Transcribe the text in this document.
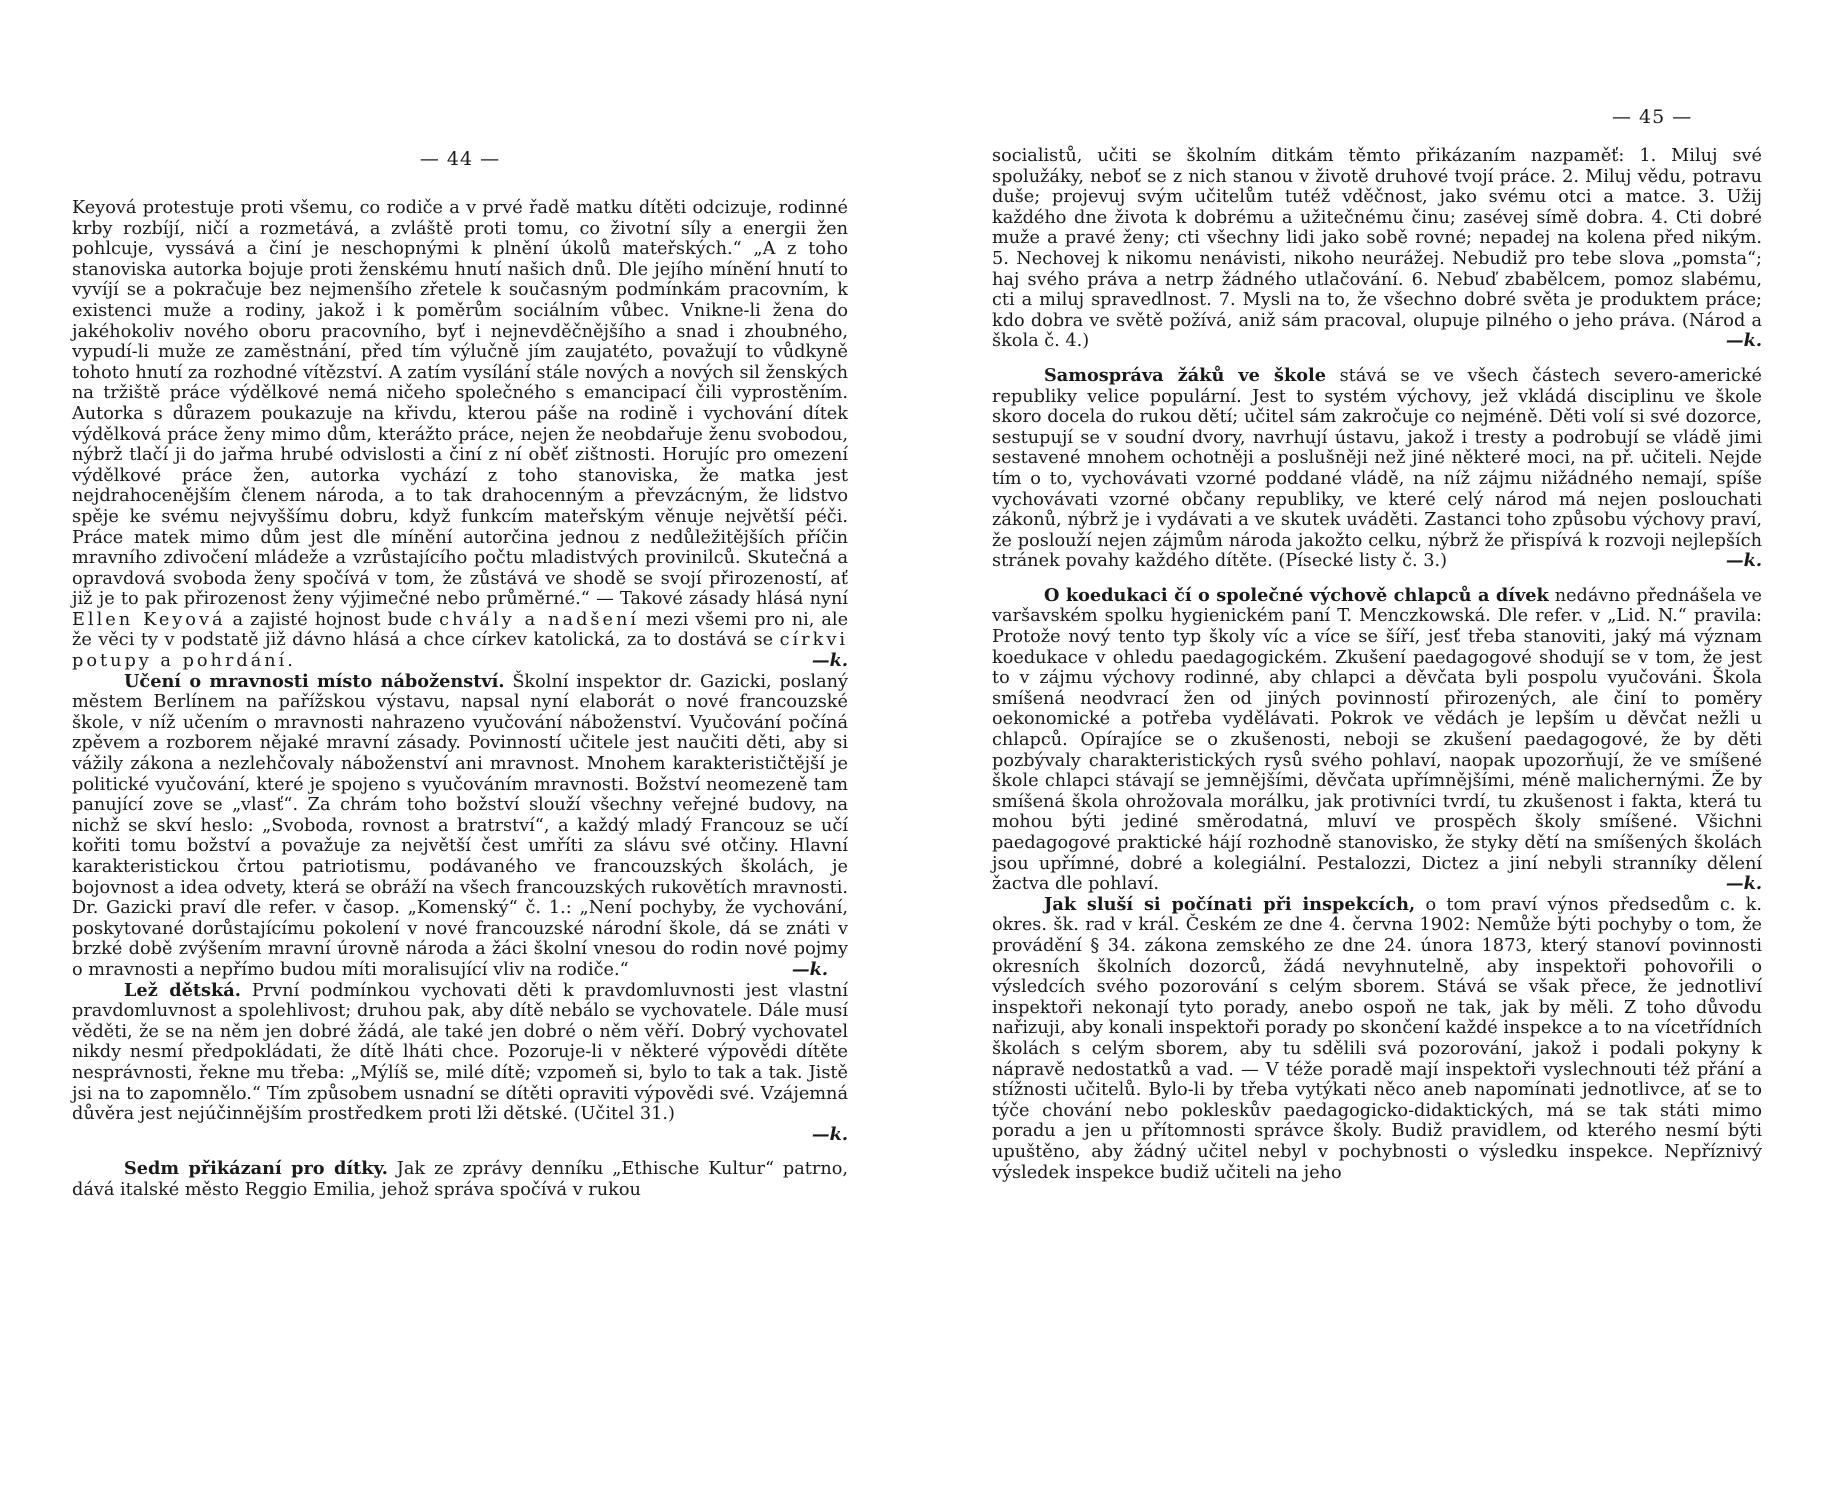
— 44 —

Keyová protestuje proti všemu, co rodiče a v prvé řadě matku dítěti odcizuje, rodinné krby rozbíjí, ničí a rozmetává, a zvláště proti tomu, co životní síly a energii žen pohlcuje, vyssává a činí je neschopnými k plnění úkolů mateřských.“ „A z toho stanoviska autorka bojuje proti ženskému hnutí našich dnů. Dle jejího mínění hnutí to vyvíjí se a pokračuje bez nejmenšího zřetele k současným podmínkám pracovním, k existenci muže a rodiny, jakož i k poměrům sociálním vůbec. Vnikne-li žena do jakéhokoliv nového oboru pracovního, byť i nejnevděčnějšího a snad i zhoubného, vypudí-li muže ze zaměstnání, před tím výlučně jím zaujatéto, považují to vůdkyně tohoto hnutí za rozhodné vítězství. A zatím vysílání stále nových a nových sil ženských na tržiště práce výdělkové nemá ničeho společného s emancipací čili vyprostěním. Autorka s důrazem poukazuje na křivdu, kterou páše na rodině i vychování dítek výdělková práce ženy mimo dům, kterážto práce, nejen že neobdařuje ženu svobodou, nýbrž tlačí ji do jařma hrubé odvislosti a činí z ní oběť zištnosti. Horujíc pro omezení výdělkové práce žen, autorka vychází z toho stanoviska, že matka jest nejdrahocenějším členem národa, a to tak drahocenným a převzácným, že lidstvo spěje ke svému nejvyššímu dobru, když funkcím mateřským věnuje největší péči. Práce matek mimo dům jest dle mínění autorčina jednou z nedůležitějších příčin mravního zdivočení mládeže a vzrůstajícího počtu mladistvých provinilců. Skutečná a opravdová svoboda ženy spočívá v tom, že zůstává ve shodě se svojí přirozeností, ať již je to pak přirozenost ženy výjimečné nebo průměrné.“ — Takové zásady hlásá nyní Ellen Keyová a zajisté hojnost bude chvály a nadšení mezi všemi pro ni, ale že věci ty v podstatě již dávno hlásá a chce církev katolická, za to dostává se církvi potupy a pohrdání.	—k.

Učení o mravnosti místo náboženství. Školní inspektor dr. Gazicki, poslaný městem Berlínem na pařížskou výstavu, napsal nyní elaborát o nové francouzské škole, v níž učením o mravnosti nahrazeno vyučování náboženství. Vyučování počíná zpěvem a rozborem nějaké mravní zásady. Povinností učitele jest naučiti děti, aby si vážily zákona a nezlehčovaly náboženství ani mravnost. Mnohem karakterističtější je politické vyučování, které je spojeno s vyučováním mravnosti. Božství neomezeně tam panující zove se „vlasť“. Za chrám toho božství slouží všechny veřejné budovy, na nichž se skví heslo: „Svoboda, rovnost a bratrství“, a každý mladý Francouz se učí kořiti tomu božství a považuje za největší čest umříti za slávu své otčiny. Hlavní karakteristickou črtou patriotismu, podávaného ve francouzských školách, je bojovnost a idea odvety, která se obráží na všech francouzských rukovětích mravnosti. Dr. Gazicki praví dle refer. v časop. „Komenský“ č. 1.: „Není pochyby, že vychování, poskytované dorůstajícímu pokolení v nové francouzské národní škole, dá se znáti v brzké době zvýšením mravní úrovně národa a žáci školní vnesou do rodin nové pojmy o mravnosti a nepřímo budou míti moralisující vliv na rodiče.“	—k.

Lež dětská. První podmínkou vychovati děti k pravdomluvnosti jest vlastní pravdomluvnost a spolehlivost; druhou pak, aby dítě nebálo se vychovatele. Dále musí věděti, že se na něm jen dobré žádá, ale také jen dobré o něm věří. Dobrý vychovatel nikdy nesmí předpokládati, že dítě lháti chce. Pozoruje-li v některé výpovědi dítěte nesprávnosti, řekne mu třeba: „Mýlíš se, milé dítě; vzpomeň si, bylo to tak a tak. Jistě jsi na to zapomnělo.“ Tím způsobem usnadní se dítěti opraviti výpovědi své. Vzájemná důvěra jest nejúčinnějším prostředkem proti lži dětské. (Učitel 31.)

—k.

Sedm přikázaní pro dítky. Jak ze zprávy denníku „Ethische Kultur“ patrno, dává italské město Reggio Emilia, jehož správa spočívá v rukou

— 45 —

socialistů, učiti se školním ditkám těmto přikázaním nazpaměť: 1. Miluj své spolužáky, neboť se z nich stanou v životě druhové tvojí práce. 2. Miluj vědu, potravu duše; projevuj svým učitelům tutéž vděčnost, jako svému otci a matce. 3. Užij každého dne života k dobrému a užitečnému činu; zasévej símě dobra. 4. Cti dobré muže a pravé ženy; cti všechny lidi jako sobě rovné; nepadej na kolena před nikým. 5. Nechovej k nikomu nenávisti, nikoho neurážej. Nebudiž pro tebe slova „pomsta“; haj svého práva a netrp žádného utlačování. 6. Nebuď zbabělcem, pomoz slabému, cti a miluj spravedlnost. 7. Mysli na to, že všechno dobré světa je produktem práce; kdo dobra ve světě požívá, aniž sám pracoval, olupuje pilného o jeho práva. (Národ a škola č. 4.)	—k.

Samospráva žáků ve škole stává se ve všech částech severo-americké republiky velice populární. Jest to systém výchovy, jež vkládá disciplinu ve škole skoro docela do rukou dětí; učitel sám zakročuje co nejméně. Děti volí si své dozorce, sestupují se v soudní dvory, navrhují ústavu, jakož i tresty a podrobují se vládě jimi sestavené mnohem ochotněji a poslušněji než jiné některé moci, na př. učiteli. Nejde tím o to, vychovávati vzorné poddané vládě, na níž zájmu nižádného nemají, spíše vychovávati vzorné občany republiky, ve které celý národ má nejen poslouchati zákonů, nýbrž je i vydávati a ve skutek uváděti. Zastanci toho způsobu výchovy praví, že poslouží nejen zájmům národa jakožto celku, nýbrž že přispívá k rozvoji nejlepších stránek povahy každého dítěte. (Písecké listy č. 3.)	—k.

O koedukaci čí o společné výchově chlapců a dívek nedávno přednášela ve varšavském spolku hygienickém paní T. Menczkowská. Dle refer. v „Lid. N.“ pravila: Protože nový tento typ školy víc a více se šíří, jesť třeba stanoviti, jaký má význam koedukace v ohledu paedagogickém. Zkušení paedagogové shodují se v tom, že jest to v zájmu výchovy rodinné, aby chlapci a děvčata byli pospolu vyučováni. Škola smíšená neodvrací žen od jiných povinností přirozených, ale činí to poměry oekonomické a potřeba vydělávati. Pokrok ve vědách je lepším u děvčat nežli u chlapců. Opírajíce se o zkušenosti, neboji se zkušení paedagogové, že by děti pozbývaly charakteristických rysů svého pohlaví, naopak upozorňují, že ve smíšené škole chlapci stávají se jemnějšími, děvčata upřímnějšími, méně malichernými. Že by smíšená škola ohrožovala morálku, jak protivníci tvrdí, tu zkušenost i fakta, která tu mohou býti jediné směrodatná, mluví ve prospěch školy smíšené. Všichni paedagogové praktické hájí rozhodně stanovisko, že styky dětí na smíšených školách jsou upřímné, dobré a kolegiální. Pestalozzi, Dictez a jiní nebyli stranníky dělení žactva dle pohlaví.	—k.

Jak sluší si počínati při inspekcích, o tom praví výnos předsedům c. k. okres. šk. rad v král. Českém ze dne 4. června 1902: Nemůže býti pochyby o tom, že provádění § 34. zákona zemského ze dne 24. února 1873, který stanoví povinnosti okresních školních dozorců, žádá nevyhnutelně, aby inspektoři pohovořili o výsledcích svého pozorování s celým sborem. Stává se však přece, že jednotliví inspektoři nekonají tyto porady, anebo ospoň ne tak, jak by měli. Z toho důvodu nařizuji, aby konali inspektoři porady po skončení každé inspekce a to na vícetřídních školách s celým sborem, aby tu sdělili svá pozorování, jakož i podali pokyny k nápravě nedostatků a vad. — V téže poradě mají inspektoři vyslechnouti též přání a stížnosti učitelů. Bylo-li by třeba vytýkati něco aneb napomínati jednotlivce, ať se to týče chování nebo pokleskův paedagogicko-didaktických, má se tak státi mimo poradu a jen u přítomnosti správce školy. Budiž pravidlem, od kterého nesmí býti upuštěno, aby žádný učitel nebyl v pochybnosti o výsledku inspekce. Nepříznivý výsledek inspekce budiž učiteli na jeho
